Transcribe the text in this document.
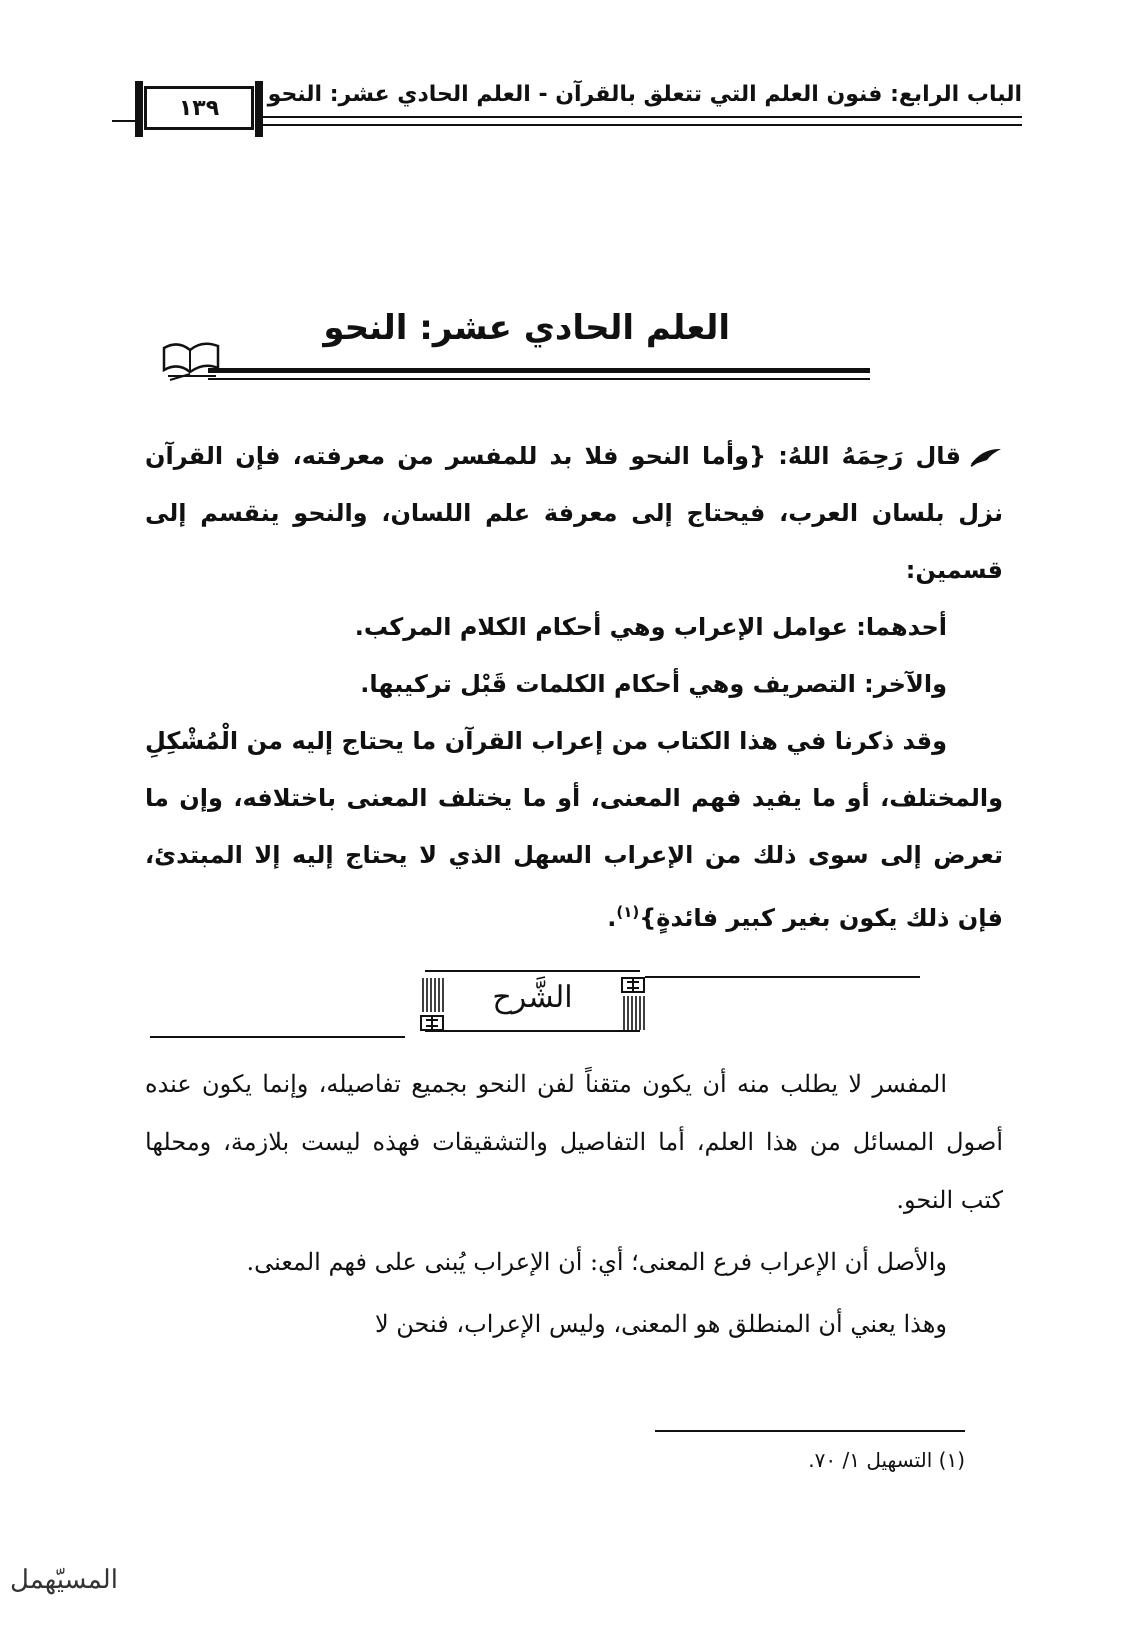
الباب الرابع: فنون العلم التي تتعلق بالقرآن - العلم الحادي عشر: النحو
١٣٩
العلم الحادي عشر: النحو

قال رَحِمَهُ اللهُ: {وأما النحو فلا بد للمفسر من معرفته، فإن القرآن نزل بلسان العرب، فيحتاج إلى معرفة علم اللسان، والنحو ينقسم إلى قسمين:

أحدهما: عوامل الإعراب وهي أحكام الكلام المركب.

والآخر: التصريف وهي أحكام الكلمات قَبْل تركيبها.

وقد ذكرنا في هذا الكتاب من إعراب القرآن ما يحتاج إليه من الْمُشْكِلِ والمختلف، أو ما يفيد فهم المعنى، أو ما يختلف المعنى باختلافه، وإن ما تعرض إلى سوى ذلك من الإعراب السهل الذي لا يحتاج إليه إلا المبتدئ، فإن ذلك يكون بغير كبير فائدةٍ}$^{(١)}$.

الشَّرح

المفسر لا يطلب منه أن يكون متقناً لفن النحو بجميع تفاصيله، وإنما يكون عنده أصول المسائل من هذا العلم، أما التفاصيل والتشقيقات فهذه ليست بلازمة، ومحلها كتب النحو.

والأصل أن الإعراب فرع المعنى؛ أي: أن الإعراب يُبنى على فهم المعنى.

وهذا يعني أن المنطلق هو المعنى، وليس الإعراب، فنحن لا

(١) التسهيل ١/ ٧٠.
المسيّهمل
